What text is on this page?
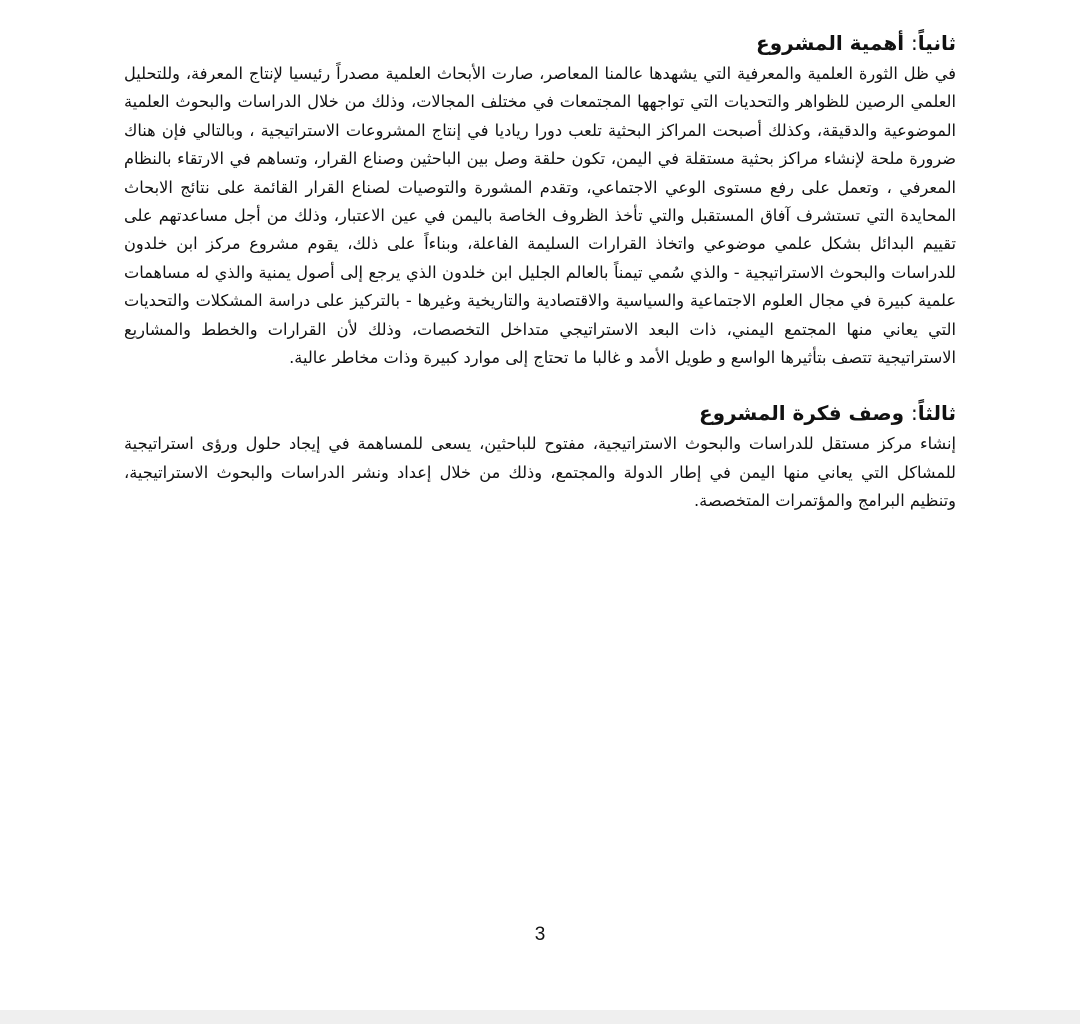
ثانياً: أهمية المشروع

في ظل الثورة العلمية والمعرفية التي يشهدها عالمنا المعاصر، صارت الأبحاث العلمية مصدراً رئيسيا لإنتاج المعرفة، وللتحليل العلمي الرصين للظواهر والتحديات التي تواجهها المجتمعات في مختلف المجالات، وذلك من خلال الدراسات والبحوث العلمية الموضوعية والدقيقة، وكذلك أصبحت المراكز البحثية تلعب دورا رياديا في إنتاج المشروعات الاستراتيجية ، وبالتالي فإن هناك ضرورة ملحة لإنشاء مراكز بحثية مستقلة في اليمن، تكون حلقة وصل بين الباحثين وصناع القرار، وتساهم في الارتقاء بالنظام المعرفي ، وتعمل على رفع مستوى الوعي الاجتماعي، وتقدم المشورة والتوصيات لصناع القرار القائمة على نتائج الابحاث المحايدة التي تستشرف آفاق المستقبل والتي تأخذ الظروف الخاصة باليمن في عين الاعتبار، وذلك من أجل مساعدتهم على تقييم البدائل بشكل علمي موضوعي واتخاذ القرارات السليمة الفاعلة، وبناءاً على ذلك، يقوم مشروع مركز ابن خلدون للدراسات والبحوث الاستراتيجية - والذي سُمي تيمناً بالعالم الجليل ابن خلدون الذي يرجع إلى أصول يمنية والذي له مساهمات علمية كبيرة في مجال العلوم الاجتماعية والسياسية والاقتصادية والتاريخية وغيرها - بالتركيز على دراسة المشكلات والتحديات التي يعاني منها المجتمع اليمني، ذات البعد الاستراتيجي متداخل التخصصات، وذلك لأن القرارات والخطط والمشاريع الاستراتيجية تتصف بتأثيرها الواسع و طويل الأمد و غالبا ما تحتاج إلى موارد كبيرة وذات مخاطر عالية.

ثالثاً: وصف فكرة المشروع

إنشاء مركز مستقل للدراسات والبحوث الاستراتيجية، مفتوح للباحثين، يسعى للمساهمة في إيجاد حلول ورؤى استراتيجية للمشاكل التي يعاني منها اليمن في إطار الدولة والمجتمع، وذلك من خلال إعداد ونشر الدراسات والبحوث الاستراتيجية، وتنظيم البرامج والمؤتمرات المتخصصة.

3
